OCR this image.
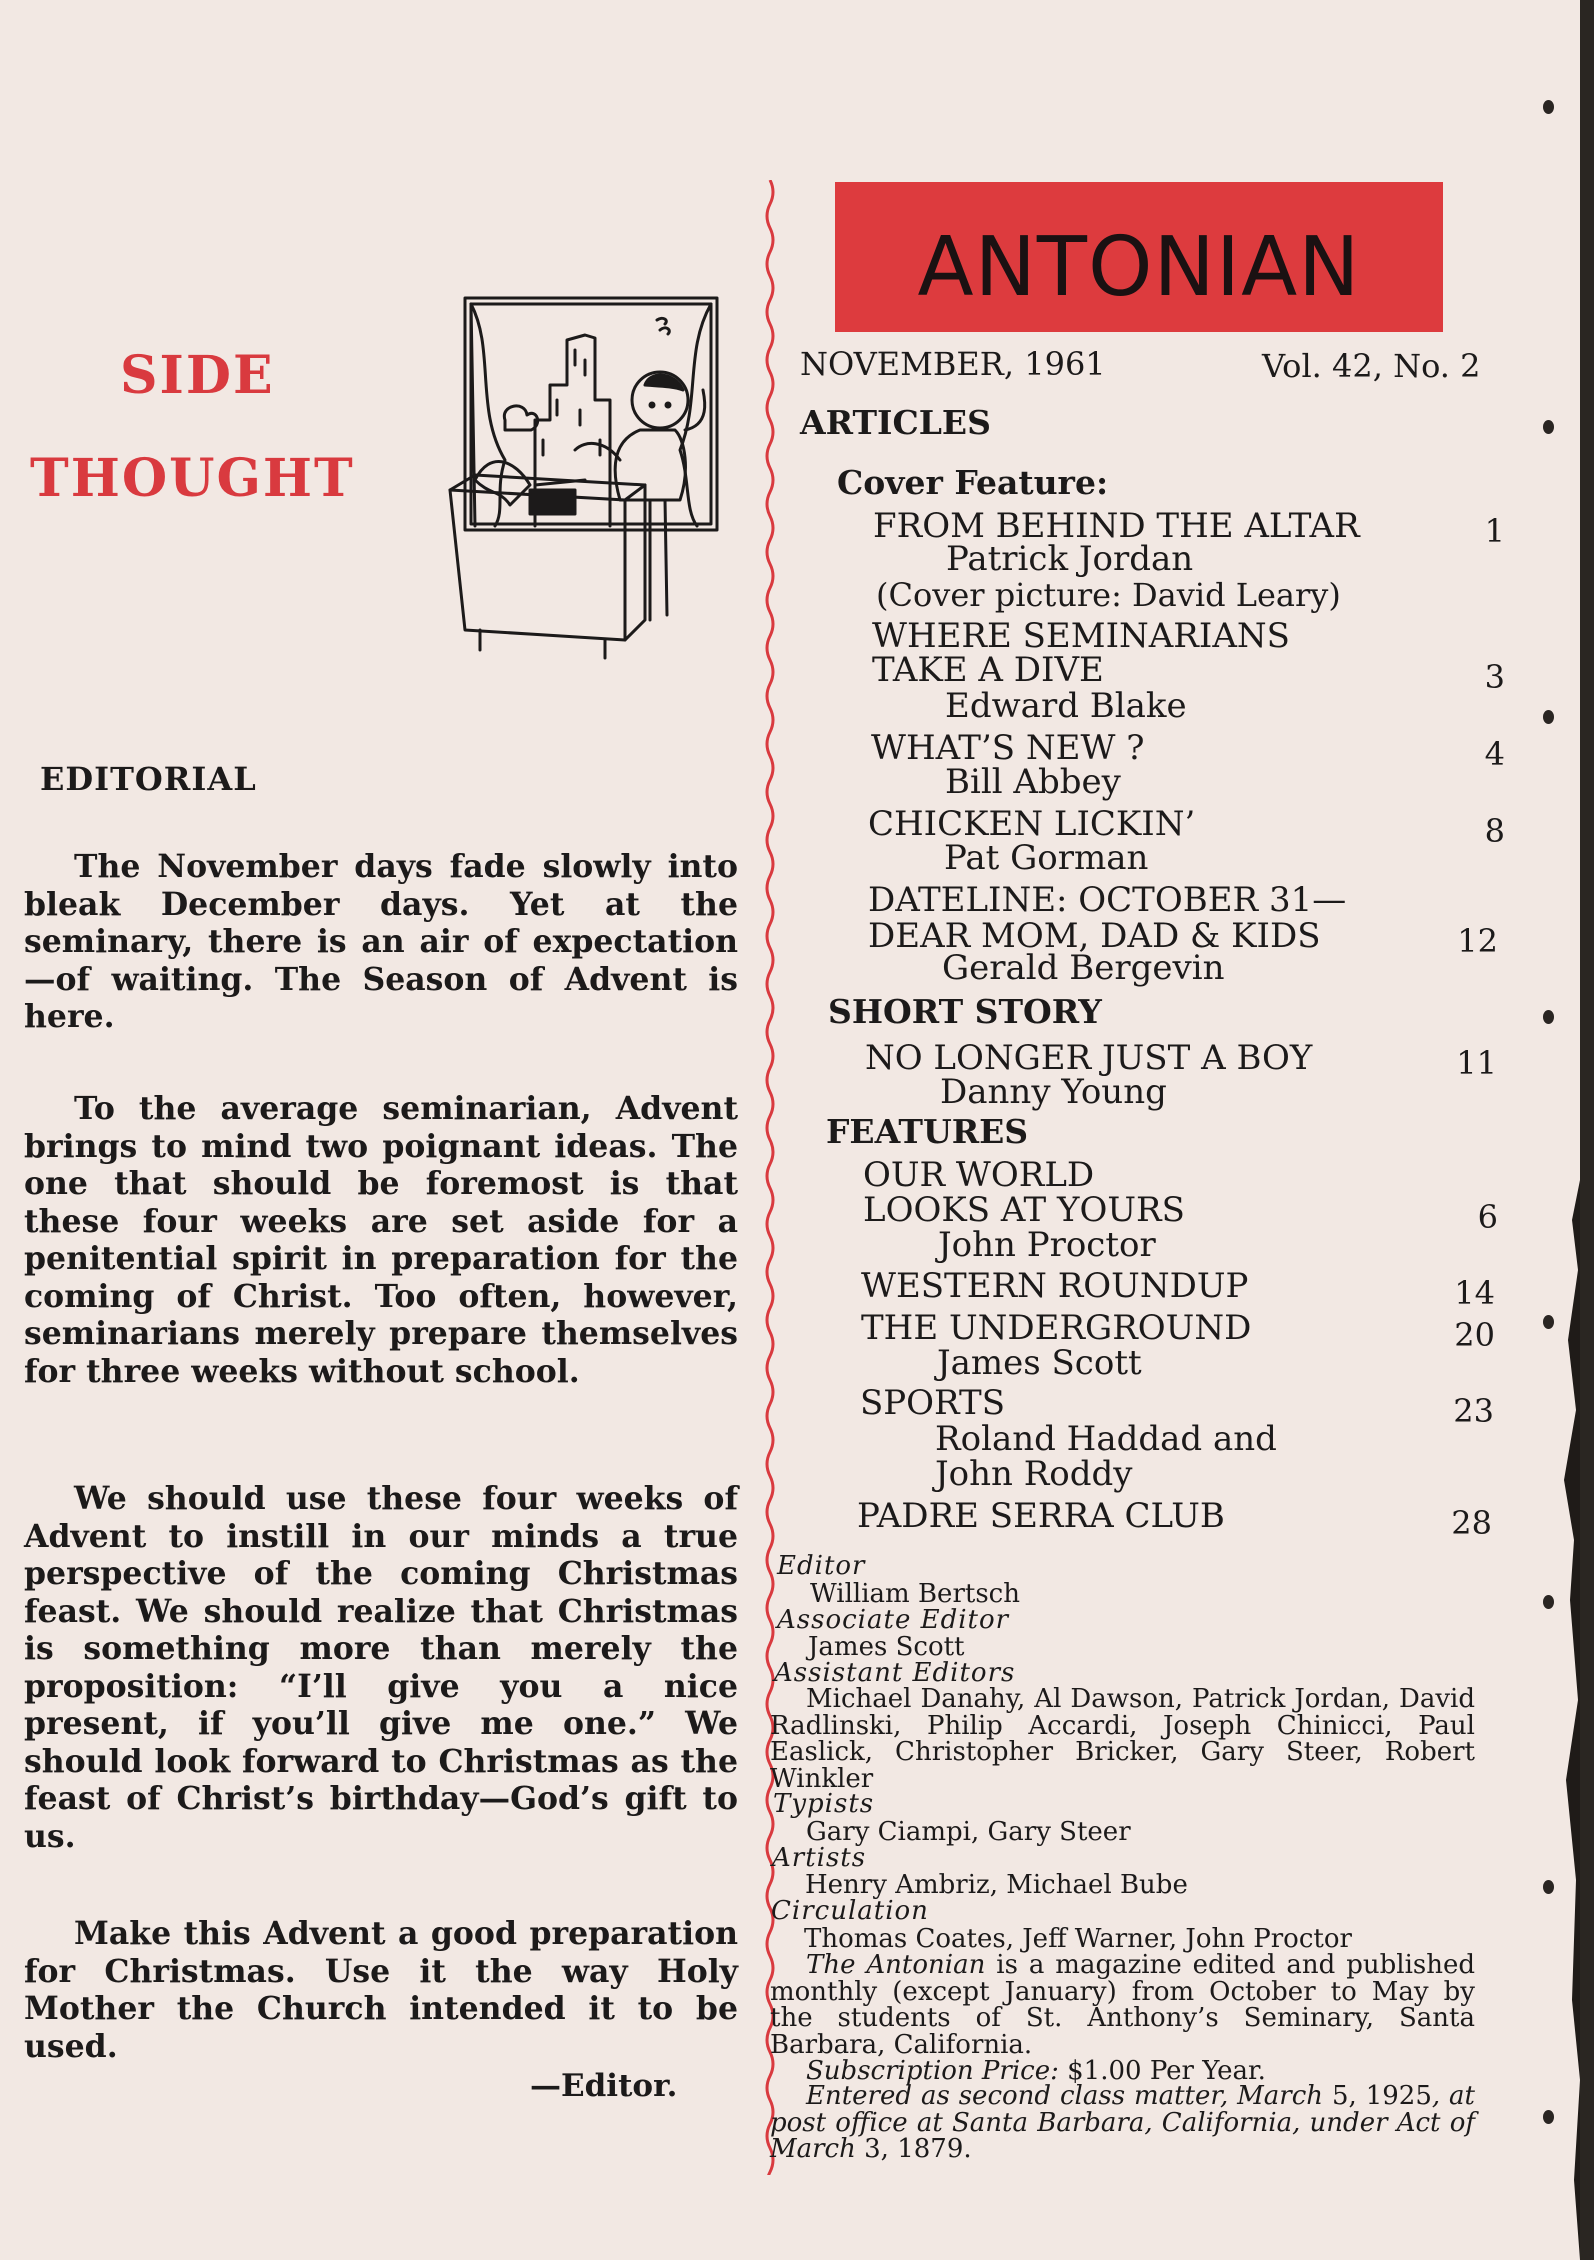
SIDE
THOUGHT
EDITORIAL

The November days fade slowly into bleak December days. Yet at the seminary, there is an air of expectation—of waiting. The Season of Advent is here.

To the average seminarian, Advent brings to mind two poignant ideas. The one that should be foremost is that these four weeks are set aside for a penitential spirit in preparation for the coming of Christ. Too often, however, seminarians merely prepare themselves for three weeks without school.

We should use these four weeks of Advent to instill in our minds a true perspective of the coming Christmas feast. We should realize that Christmas is something more than merely the proposition: “I’ll give you a nice present, if you’ll give me one.” We should look forward to Christmas as the feast of Christ’s birthday—God’s gift to us.

Make this Advent a good preparation for Christmas. Use it the way Holy Mother the Church intended it to be used.

—Editor.
ANTONIAN
NOVEMBER, 1961	Vol. 42, No. 2
ARTICLES
Cover Feature:
FROM BEHIND THE ALTAR	1
Patrick Jordan
(Cover picture: David Leary)
WHERE SEMINARIANS
TAKE A DIVE	3
Edward Blake
WHAT’S NEW ?	4
Bill Abbey
CHICKEN LICKIN’	8
Pat Gorman
DATELINE: OCTOBER 31—
DEAR MOM, DAD & KIDS	12
Gerald Bergevin
SHORT STORY
NO LONGER JUST A BOY	11
Danny Young
FEATURES
OUR WORLD
LOOKS AT YOURS	6
John Proctor
WESTERN ROUNDUP	14
THE UNDERGROUND	20
James Scott
SPORTS	23
Roland Haddad and
John Roddy
PADRE SERRA CLUB	28
Editor
William Bertsch
Associate Editor
James Scott
Assistant Editors

Michael Danahy, Al Dawson, Patrick Jordan, David Radlinski, Philip Accardi, Joseph Chinicci, Paul Easlick, Christopher Bricker, Gary Steer, Robert Winkler

Typists
Gary Ciampi, Gary Steer
Artists
Henry Ambriz, Michael Bube
Circulation
Thomas Coates, Jeff Warner, John Proctor

The Antonian is a magazine edited and published monthly (except January) from October to May by the students of St. Anthony’s Seminary, Santa Barbara, California.

Subscription Price: $1.00 Per Year.

Entered as second class matter, March 5, 1925, at post office at Santa Barbara, California, under Act of March 3, 1879.
